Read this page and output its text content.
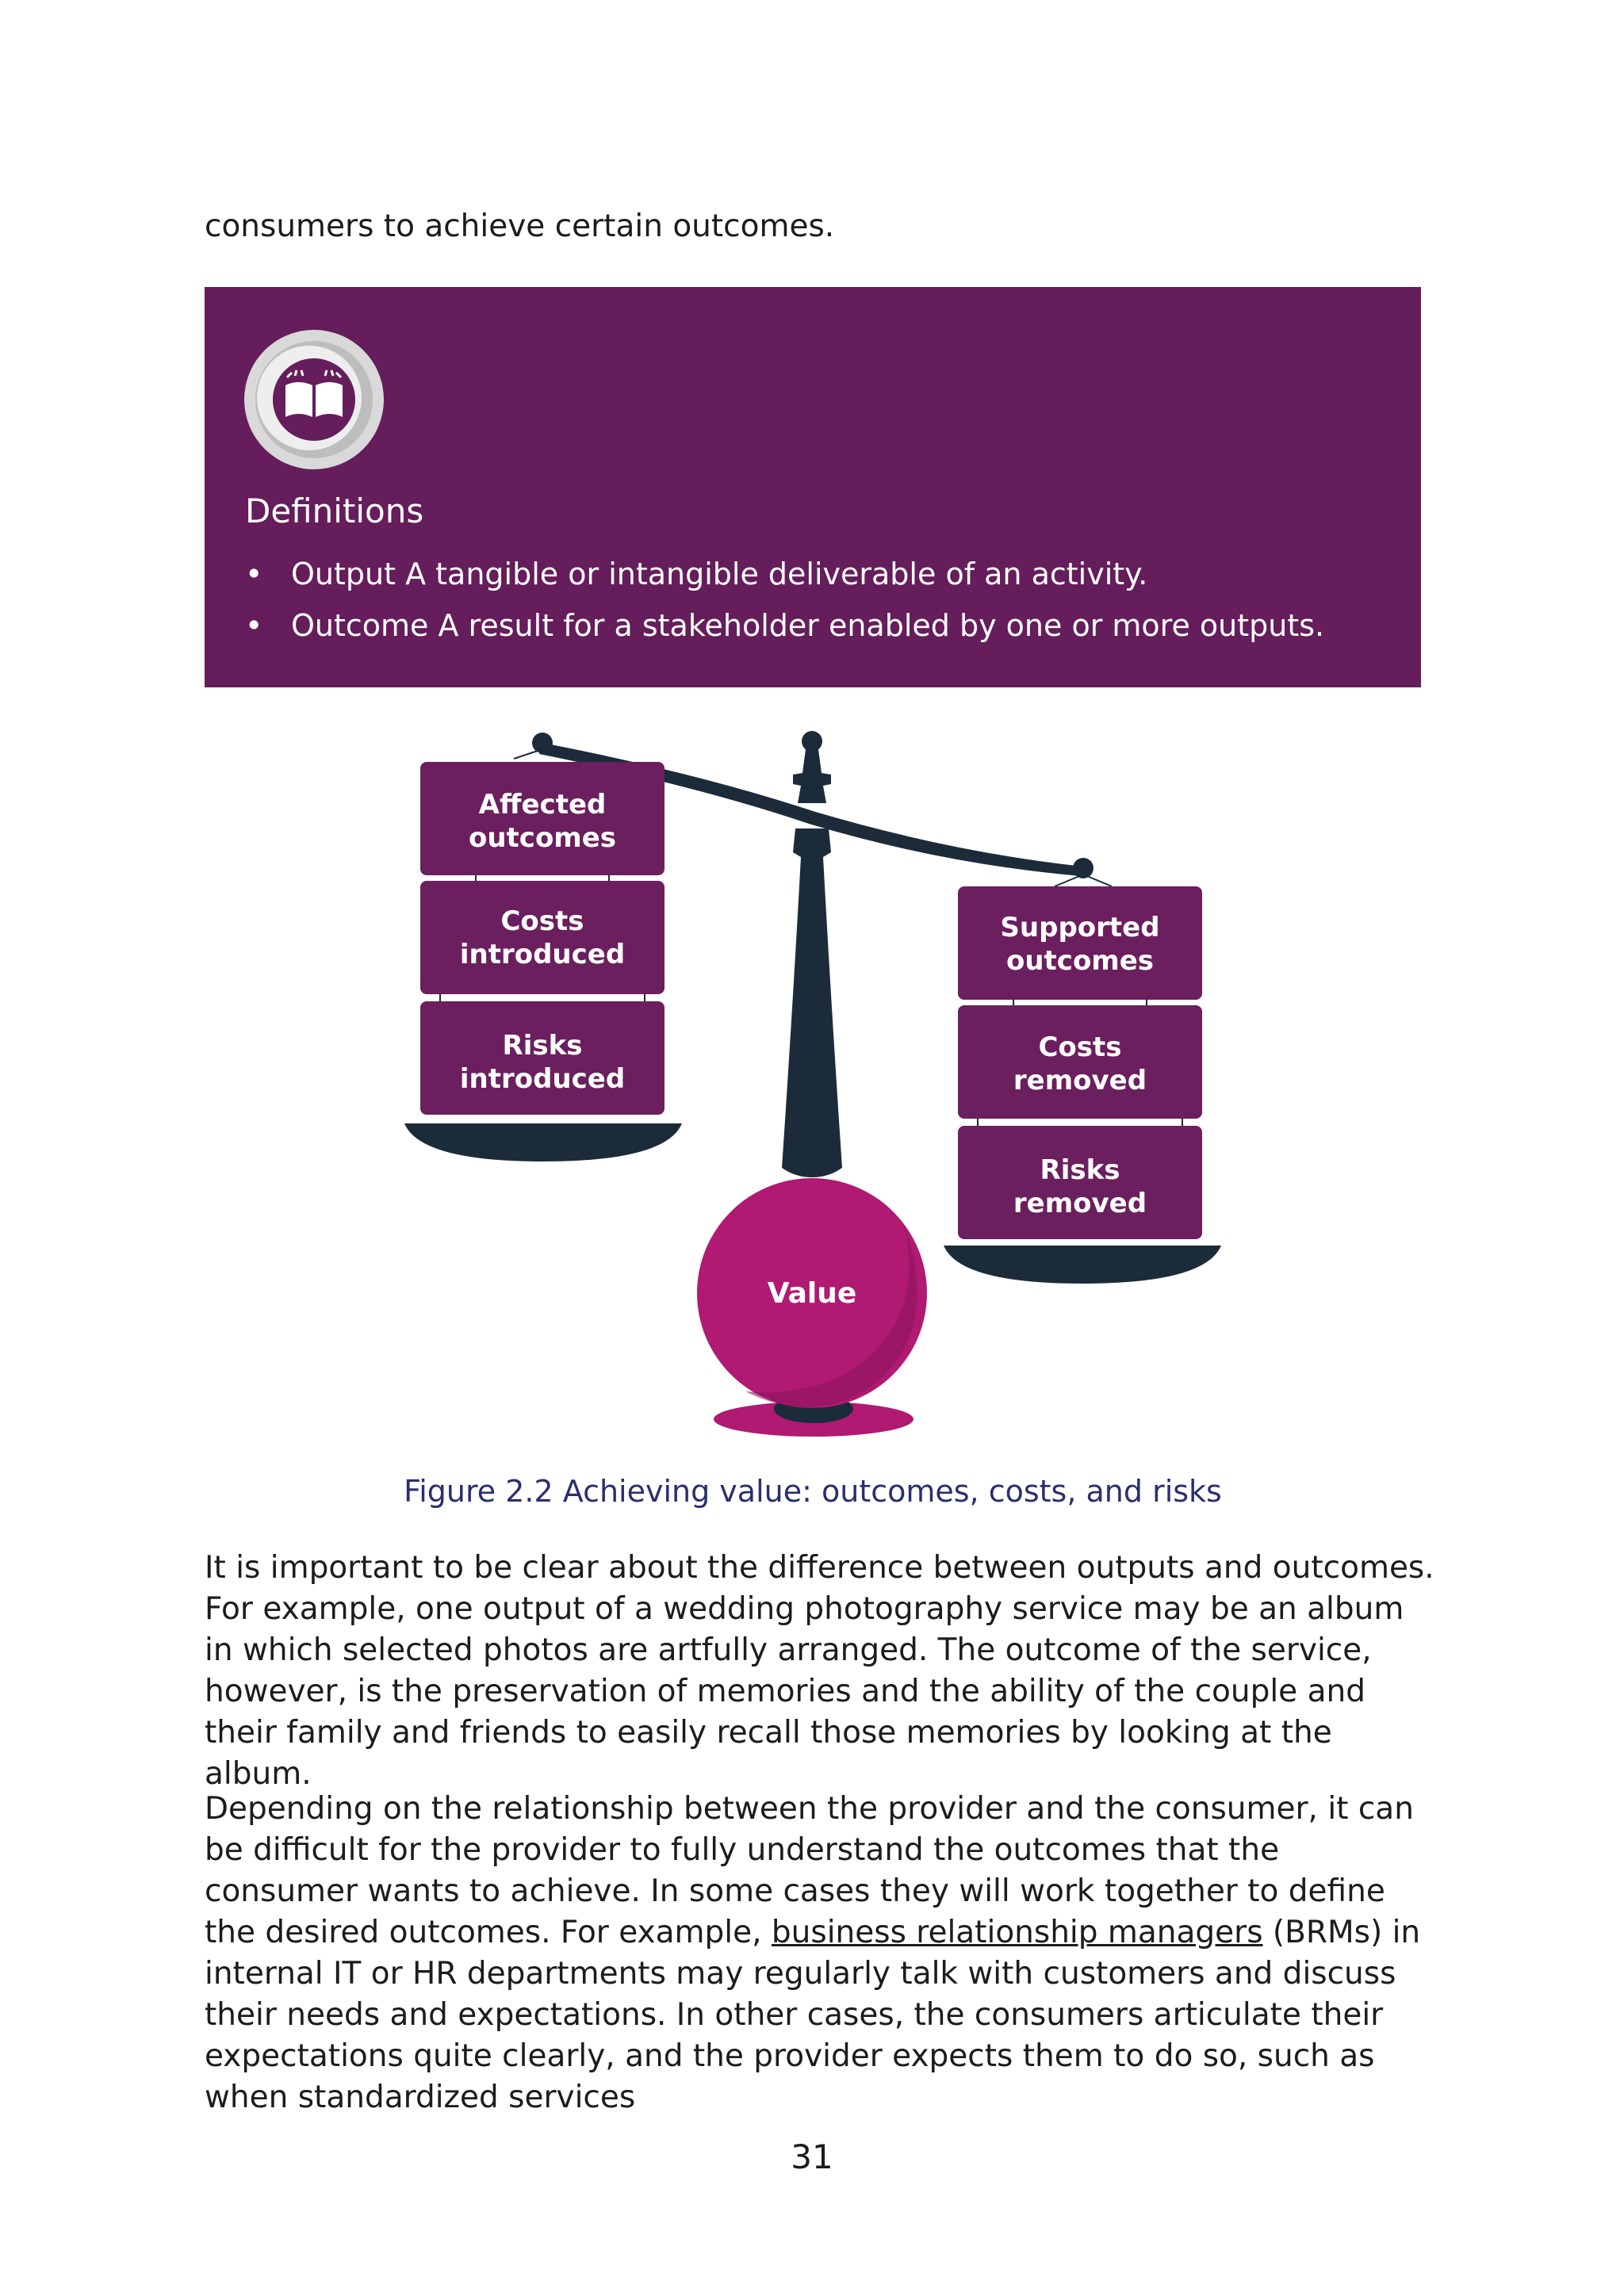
consumers to achieve certain outcomes.
Definitions
• Output A tangible or intangible deliverable of an activity.
• Outcome A result for a stakeholder enabled by one or more outputs.
Affected
outcomes
Costs
introduced
Risks
introduced
Supported
outcomes
Costs
removed
Risks
removed
Value
Figure 2.2 Achieving value: outcomes, costs, and risks

It is important to be clear about the difference between outputs and outcomes. For example, one output of a wedding photography service may be an album in which selected photos are artfully arranged. The outcome of the service, however, is the preservation of memories and the ability of the couple and their family and friends to easily recall those memories by looking at the album.

Depending on the relationship between the provider and the consumer, it can be difficult for the provider to fully understand the outcomes that the consumer wants to achieve. In some cases they will work together to define the desired outcomes. For example, business relationship managers (BRMs) in internal IT or HR departments may regularly talk with customers and discuss their needs and expectations. In other cases, the consumers articulate their expectations quite clearly, and the provider expects them to do so, such as when standardized services

31
